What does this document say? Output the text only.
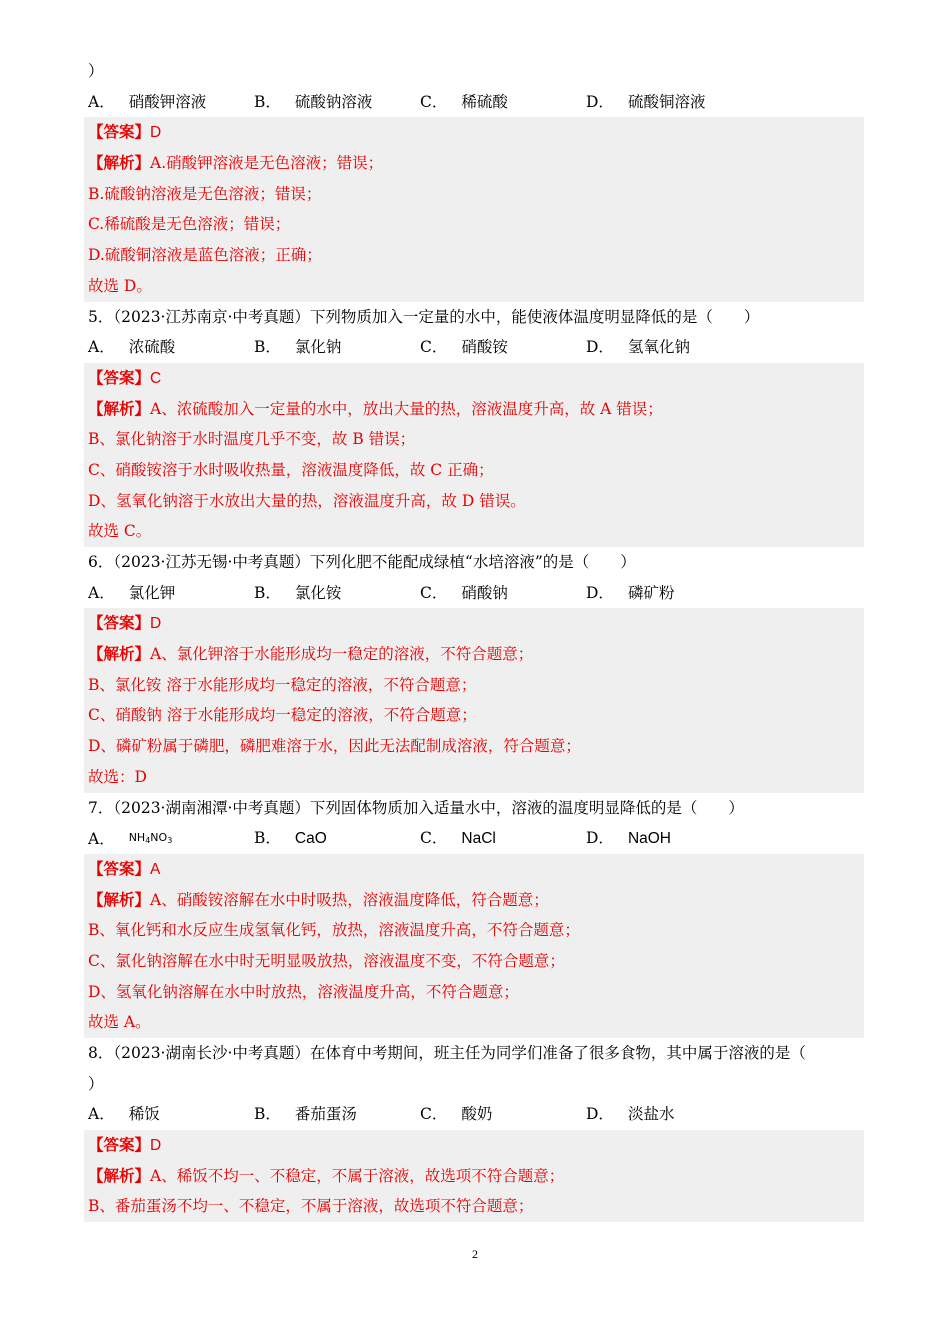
）
A． 硝酸钾溶液	B． 硫酸钠溶液	C． 稀硫酸	D． 硫酸铜溶液
【答案】D
【解析】A.硝酸钾溶液是无色溶液；错误；
B.硫酸钠溶液是无色溶液；错误；
C.稀硫酸是无色溶液；错误；
D.硫酸铜溶液是蓝色溶液；正确；
故选 D。
5．（2023·江苏南京·中考真题）下列物质加入一定量的水中，能使液体温度明显降低的是（　　）
A． 浓硫酸	B． 氯化钠	C． 硝酸铵	D． 氢氧化钠
【答案】C
【解析】A、浓硫酸加入一定量的水中，放出大量的热，溶液温度升高，故 A 错误；
B、氯化钠溶于水时温度几乎不变，故 B 错误；
C、硝酸铵溶于水时吸收热量，溶液温度降低，故 C 正确；
D、氢氧化钠溶于水放出大量的热，溶液温度升高，故 D 错误。
故选 C。
6．（2023·江苏无锡·中考真题）下列化肥不能配成绿植“水培溶液”的是（　　）
A． 氯化钾	B． 氯化铵	C． 硝酸钠	D． 磷矿粉
【答案】D
【解析】A、氯化钾溶于水能形成均一稳定的溶液，不符合题意；
B、氯化铵 溶于水能形成均一稳定的溶液，不符合题意；
C、硝酸钠 溶于水能形成均一稳定的溶液，不符合题意；
D、磷矿粉属于磷肥，磷肥难溶于水，因此无法配制成溶液，符合题意；
故选：D
7．（2023·湖南湘潭·中考真题）下列固体物质加入适量水中，溶液的温度明显降低的是（　　）
A． $NH_4NO_3$	B． CaO	C． NaCl	D． NaOH
【答案】A
【解析】A、硝酸铵溶解在水中时吸热，溶液温度降低，符合题意；
B、氧化钙和水反应生成氢氧化钙，放热，溶液温度升高，不符合题意；
C、氯化钠溶解在水中时无明显吸放热，溶液温度不变，不符合题意；
D、氢氧化钠溶解在水中时放热，溶液温度升高，不符合题意；
故选 A。
8．（2023·湖南长沙·中考真题）在体育中考期间，班主任为同学们准备了很多食物，其中属于溶液的是（
）
A． 稀饭	B． 番茄蛋汤	C． 酸奶	D． 淡盐水
【答案】D
【解析】A、稀饭不均一、不稳定，不属于溶液，故选项不符合题意；
B、番茄蛋汤不均一、不稳定，不属于溶液，故选项不符合题意；
2
